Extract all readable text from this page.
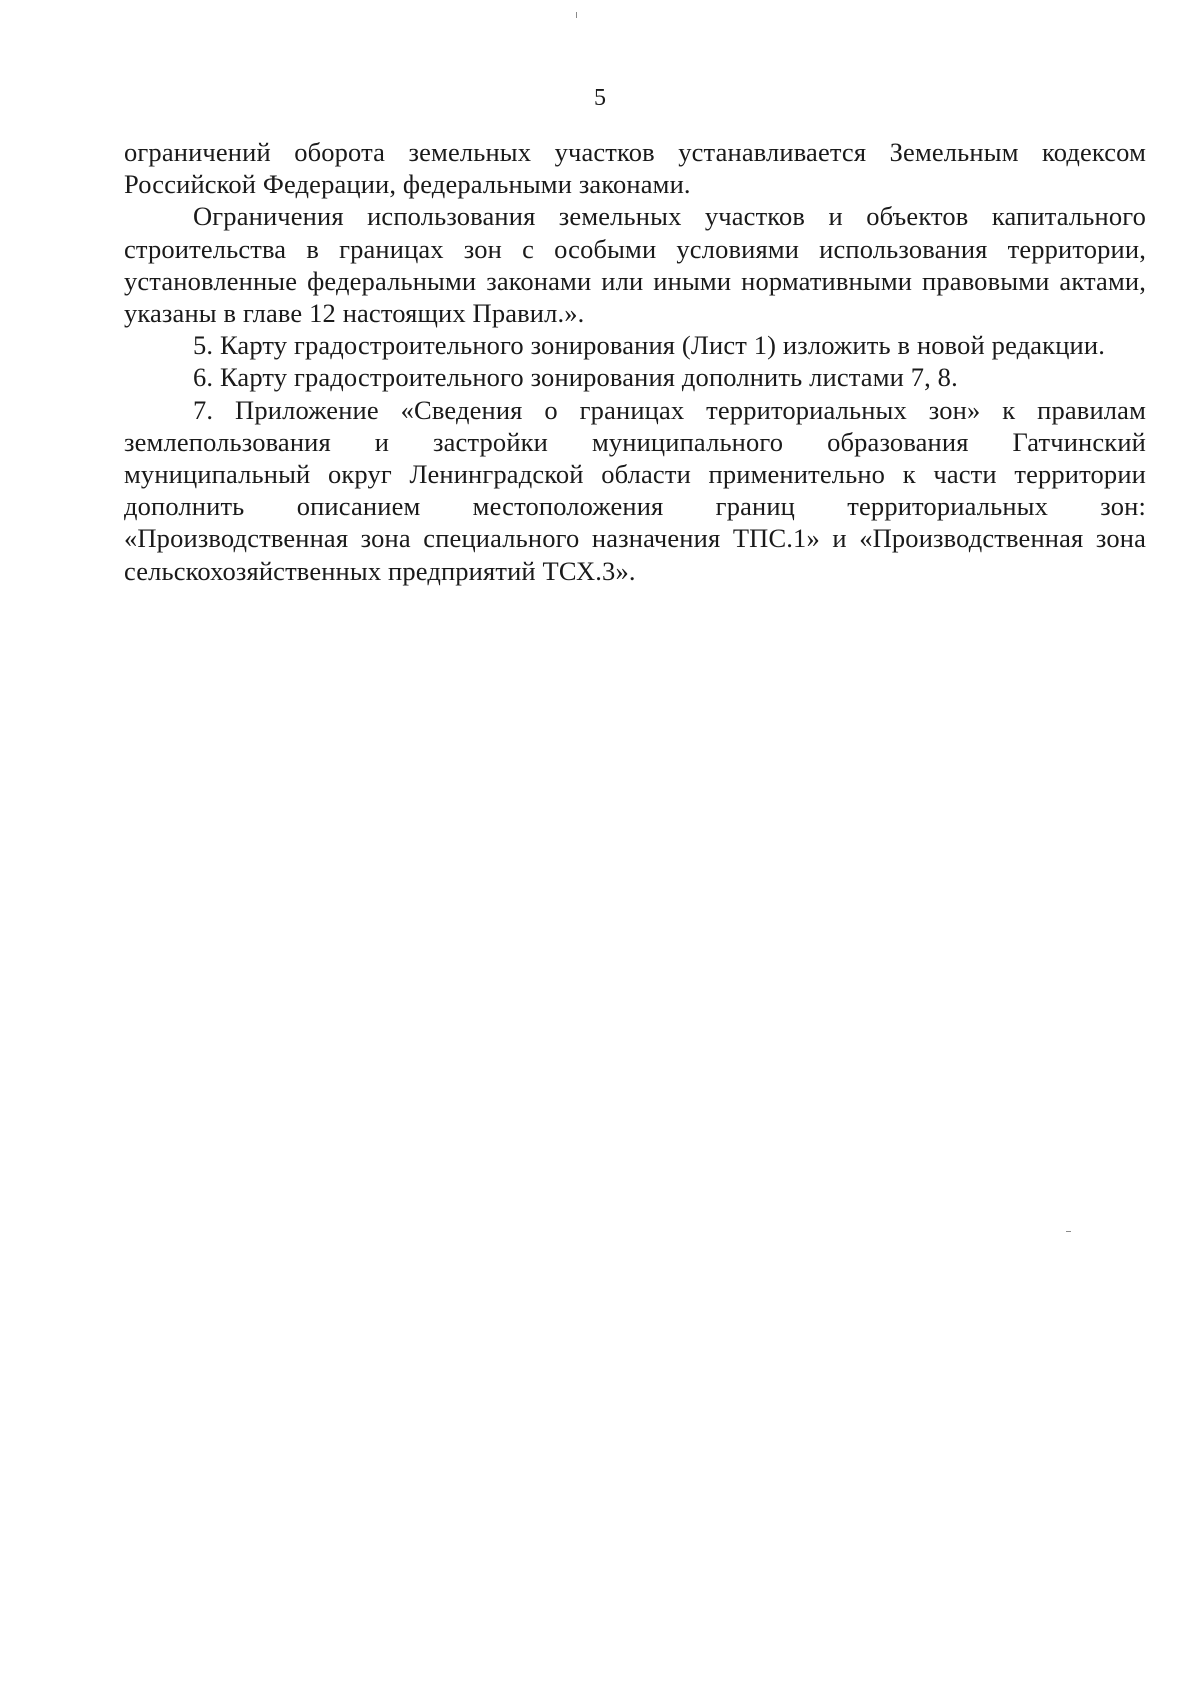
5

ограничений оборота земельных участков устанавливается Земельным кодексом Российской Федерации, федеральными законами.

Ограничения использования земельных участков и объектов капитального строительства в границах зон с особыми условиями использования территории, установленные федеральными законами или иными нормативными правовыми актами, указаны в главе 12 настоящих Правил.».

5. Карту градостроительного зонирования (Лист 1) изложить в новой редакции.

6. Карту градостроительного зонирования дополнить листами 7, 8.

7. Приложение «Сведения о границах территориальных зон» к правилам землепользования и застройки муниципального образования Гатчинский муниципальный округ Ленинградской области применительно к части территории дополнить описанием местоположения границ территориальных зон: «Производственная зона специального назначения ТПС.1» и «Производственная зона сельскохозяйственных предприятий ТСХ.3».
